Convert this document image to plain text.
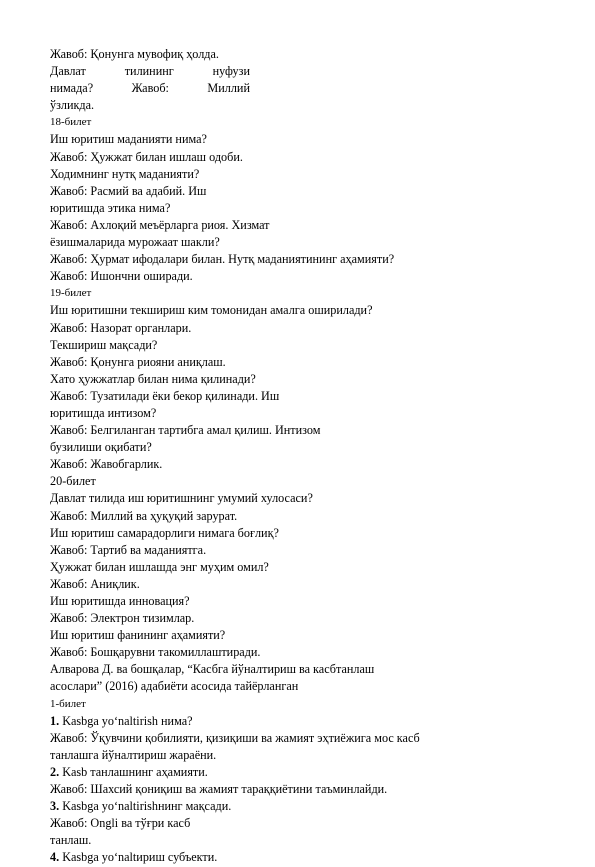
Жавоб: Қонунга мувофиқ ҳолда.
Давлат	тилининг	нуфузи
нимада?	Жавоб:	Миллий
ўзликда.
18-билет
Иш юритиш маданияти нима?
Жавоб: Ҳужжат билан ишлаш одоби.
Ходимнинг нутқ маданияти?
Жавоб: Расмий ва адабий. Иш
юритишда этика нима?
Жавоб: Ахлоқий меъёрларга риоя. Хизмат
ёзишмаларида мурожаат шакли?
Жавоб: Ҳурмат ифодалари билан. Нутқ маданиятининг аҳамияти?
Жавоб: Ишончни оширади.
19-билет
Иш юритишни текшириш ким томонидан амалга оширилади?
Жавоб: Назорат органлари.
Текшириш мақсади?
Жавоб: Қонунга риояни аниқлаш.
Хато ҳужжатлар билан нима қилинади?
Жавоб: Тузатилади ёки бекор қилинади. Иш
юритишда интизом?
Жавоб: Белгиланган тартибга амал қилиш. Интизом
бузилиши оқибати?
Жавоб: Жавобгарлик.
20-билет
Давлат тилида иш юритишнинг умумий хулосаси?
Жавоб: Миллий ва ҳуқуқий зарурат.
Иш юритиш самарадорлиги нимага боғлиқ?
Жавоб: Тартиб ва маданиятга.
Ҳужжат билан ишлашда энг муҳим омил?
Жавоб: Аниқлик.
Иш юритишда инновация?
Жавоб: Электрон тизимлар.
Иш юритиш фанининг аҳамияти?
Жавоб: Бошқарувни такомиллаштиради.
Алварова Д. ва бошқалар, “Касбга йўналтириш ва касбтанлаш
асослари” (2016) адабиёти асосида тайёрланган
1-билет
1. Kasbga yo‘naltirish нима?
Жавоб: Ўқувчини қобилияти, қизиқиши ва жамият эҳтиёжига мос касб
танлашга йўналтириш жараёни.
2. Kasb танлашнинг аҳамияти.
Жавоб: Шахсий қониқиш ва жамият тараққиётини таъминлайди.
3. Kasbga yo‘naltirishнинг мақсади.
Жавоб: Ongli ва тўғри касб
танлаш.
4. Kasbga yo‘naltириш субъекти.
